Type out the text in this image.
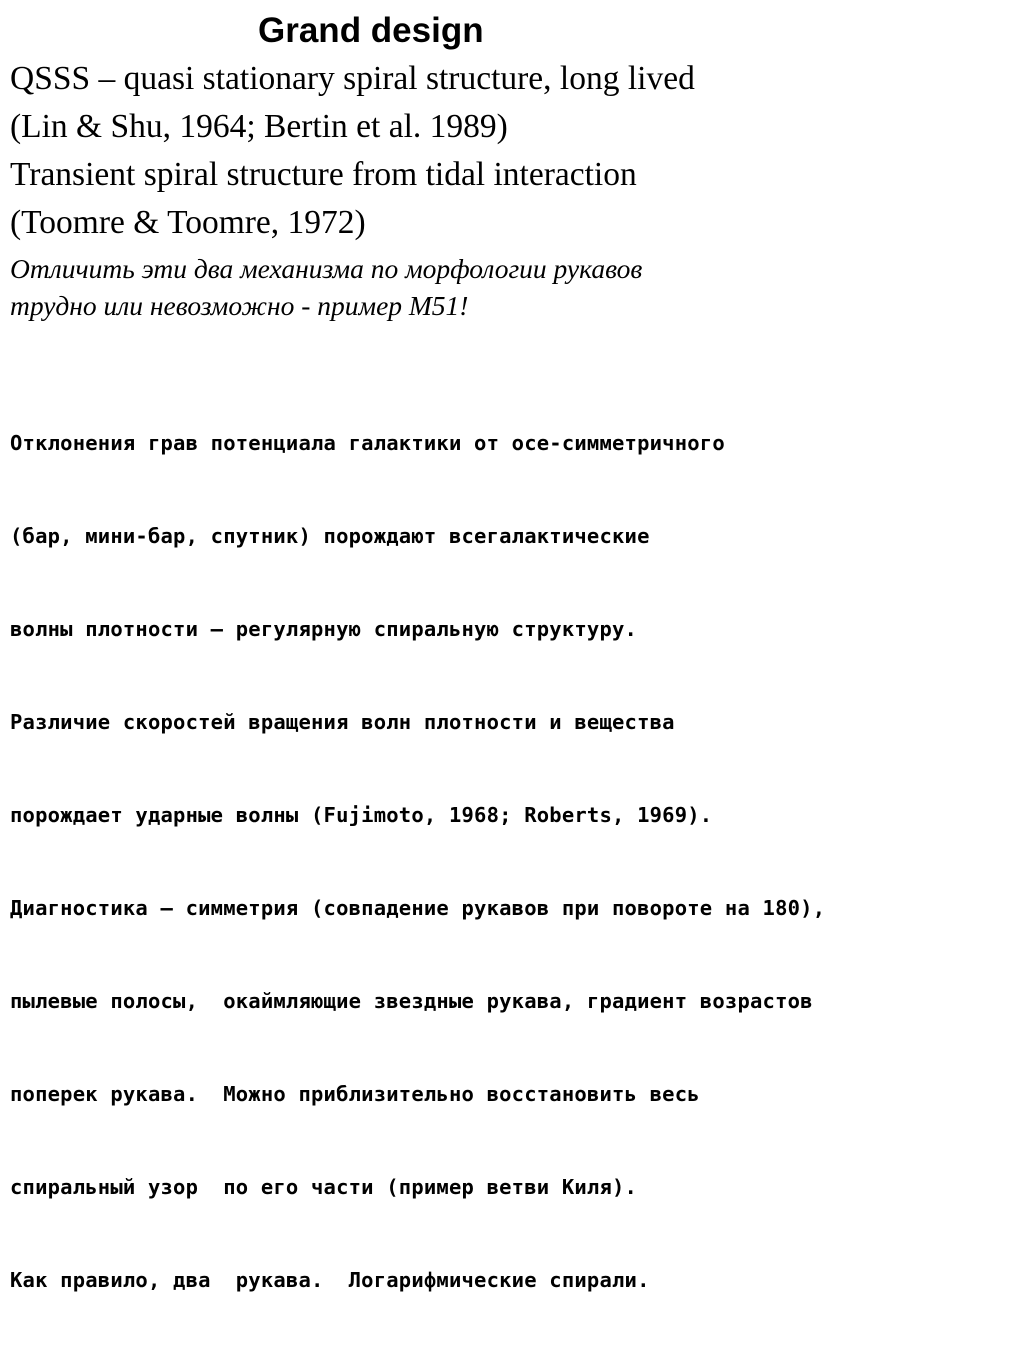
Grand design
QSSS – quasi stationary spiral structure, long lived
(Lin & Shu, 1964; Bertin et al. 1989)
Transient spiral structure from tidal interaction
(Toomre & Toomre, 1972)
Отличить эти два механизма по морфологии рукавов
трудно или невозможно - пример М51!

Отклонения грав потенциала галактики от осе-симметричного

(бар, мини-бар, спутник) порождают всегалактические

волны плотности – регулярную спиральную структуру.

Различие скоростей вращения волн плотности и вещества

порождает ударные волны (Fujimoto, 1968; Roberts, 1969).

Диагностика – симметрия (совпадение рукавов при повороте на 180),

пылевые полосы,  окаймляющие звездные рукава, градиент возрастов

поперек рукава.  Можно приблизительно восстановить весь

спиральный узор  по его части (пример ветви Киля).

Как правило, два  рукава.  Логарифмические спирали.
